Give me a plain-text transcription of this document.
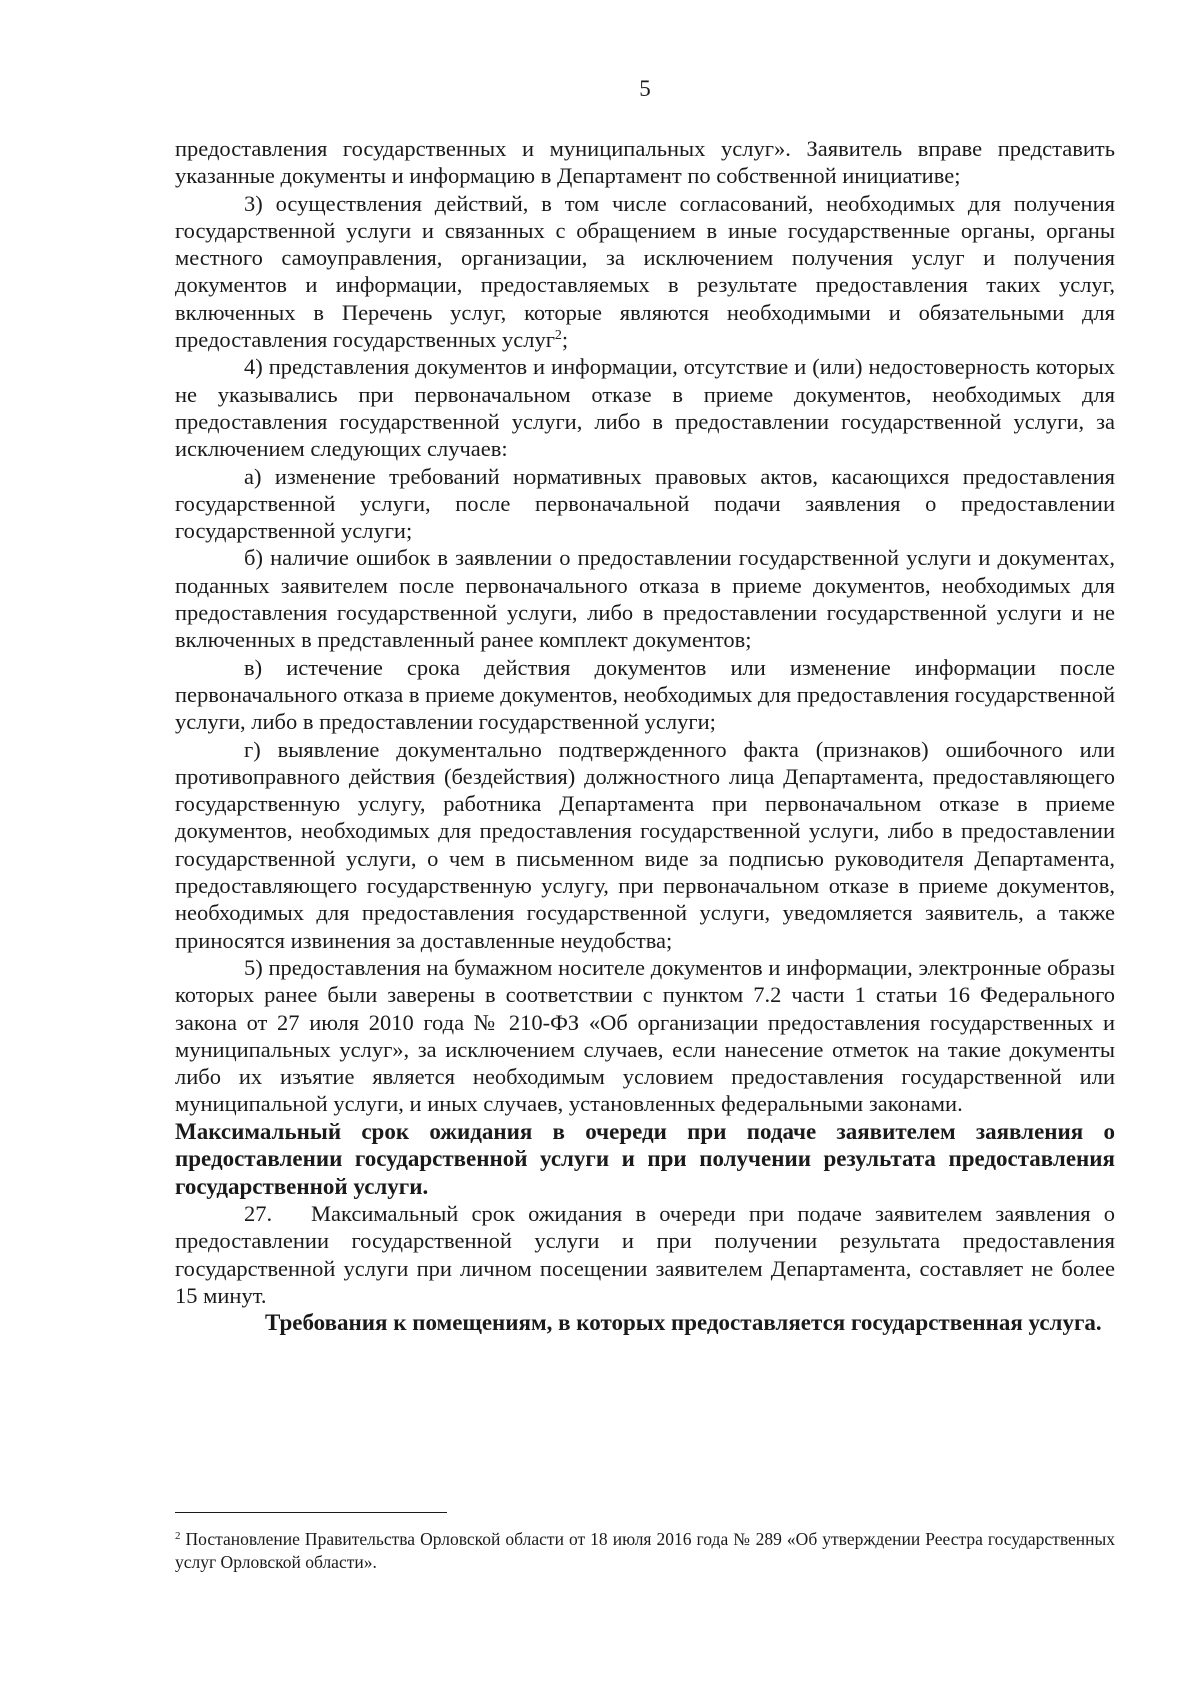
5

предоставления государственных и муниципальных услуг». Заявитель вправе представить указанные документы и информацию в Департамент по собственной инициативе;

3) осуществления действий, в том числе согласований, необходимых для получения государственной услуги и связанных с обращением в иные государственные органы, органы местного самоуправления, организации, за исключением получения услуг и получения документов и информации, предоставляемых в результате предоставления таких услуг, включенных в Перечень услуг, которые являются необходимыми и обязательными для предоставления государственных услуг$^2$;

4) представления документов и информации, отсутствие и (или) недостоверность которых не указывались при первоначальном отказе в приеме документов, необходимых для предоставления государственной услуги, либо в предоставлении государственной услуги, за исключением следующих случаев:

а) изменение требований нормативных правовых актов, касающихся предоставления государственной услуги, после первоначальной подачи заявления о предоставлении государственной услуги;

б) наличие ошибок в заявлении о предоставлении государственной услуги и документах, поданных заявителем после первоначального отказа в приеме документов, необходимых для предоставления государственной услуги, либо в предоставлении государственной услуги и не включенных в представленный ранее комплект документов;

в) истечение срока действия документов или изменение информации после первоначального отказа в приеме документов, необходимых для предоставления государственной услуги, либо в предоставлении государственной услуги;

г) выявление документально подтвержденного факта (признаков) ошибочного или противоправного действия (бездействия) должностного лица Департамента, предоставляющего государственную услугу, работника Департамента при первоначальном отказе в приеме документов, необходимых для предоставления государственной услуги, либо в предоставлении государственной услуги, о чем в письменном виде за подписью руководителя Департамента, предоставляющего государственную услугу, при первоначальном отказе в приеме документов, необходимых для предоставления государственной услуги, уведомляется заявитель, а также приносятся извинения за доставленные неудобства;

5) предоставления на бумажном носителе документов и информации, электронные образы которых ранее были заверены в соответствии с пунктом 7.2 части 1 статьи 16 Федерального закона от 27 июля 2010 года № 210-ФЗ «Об организации предоставления государственных и муниципальных услуг», за исключением случаев, если нанесение отметок на такие документы либо их изъятие является необходимым условием предоставления государственной или муниципальной услуги, и иных случаев, установленных федеральными законами.

Максимальный срок ожидания в очереди при подаче заявителем заявления о предоставлении государственной услуги и при получении результата предоставления государственной услуги.

27. Максимальный срок ожидания в очереди при подаче заявителем заявления о предоставлении государственной услуги и при получении результата предоставления государственной услуги при личном посещении заявителем Департамента, составляет не более 15 минут.

Требования к помещениям, в которых предоставляется государственная услуга.

$^2$ Постановление Правительства Орловской области от 18 июля 2016 года № 289 «Об утверждении Реестра государственных услуг Орловской области».
